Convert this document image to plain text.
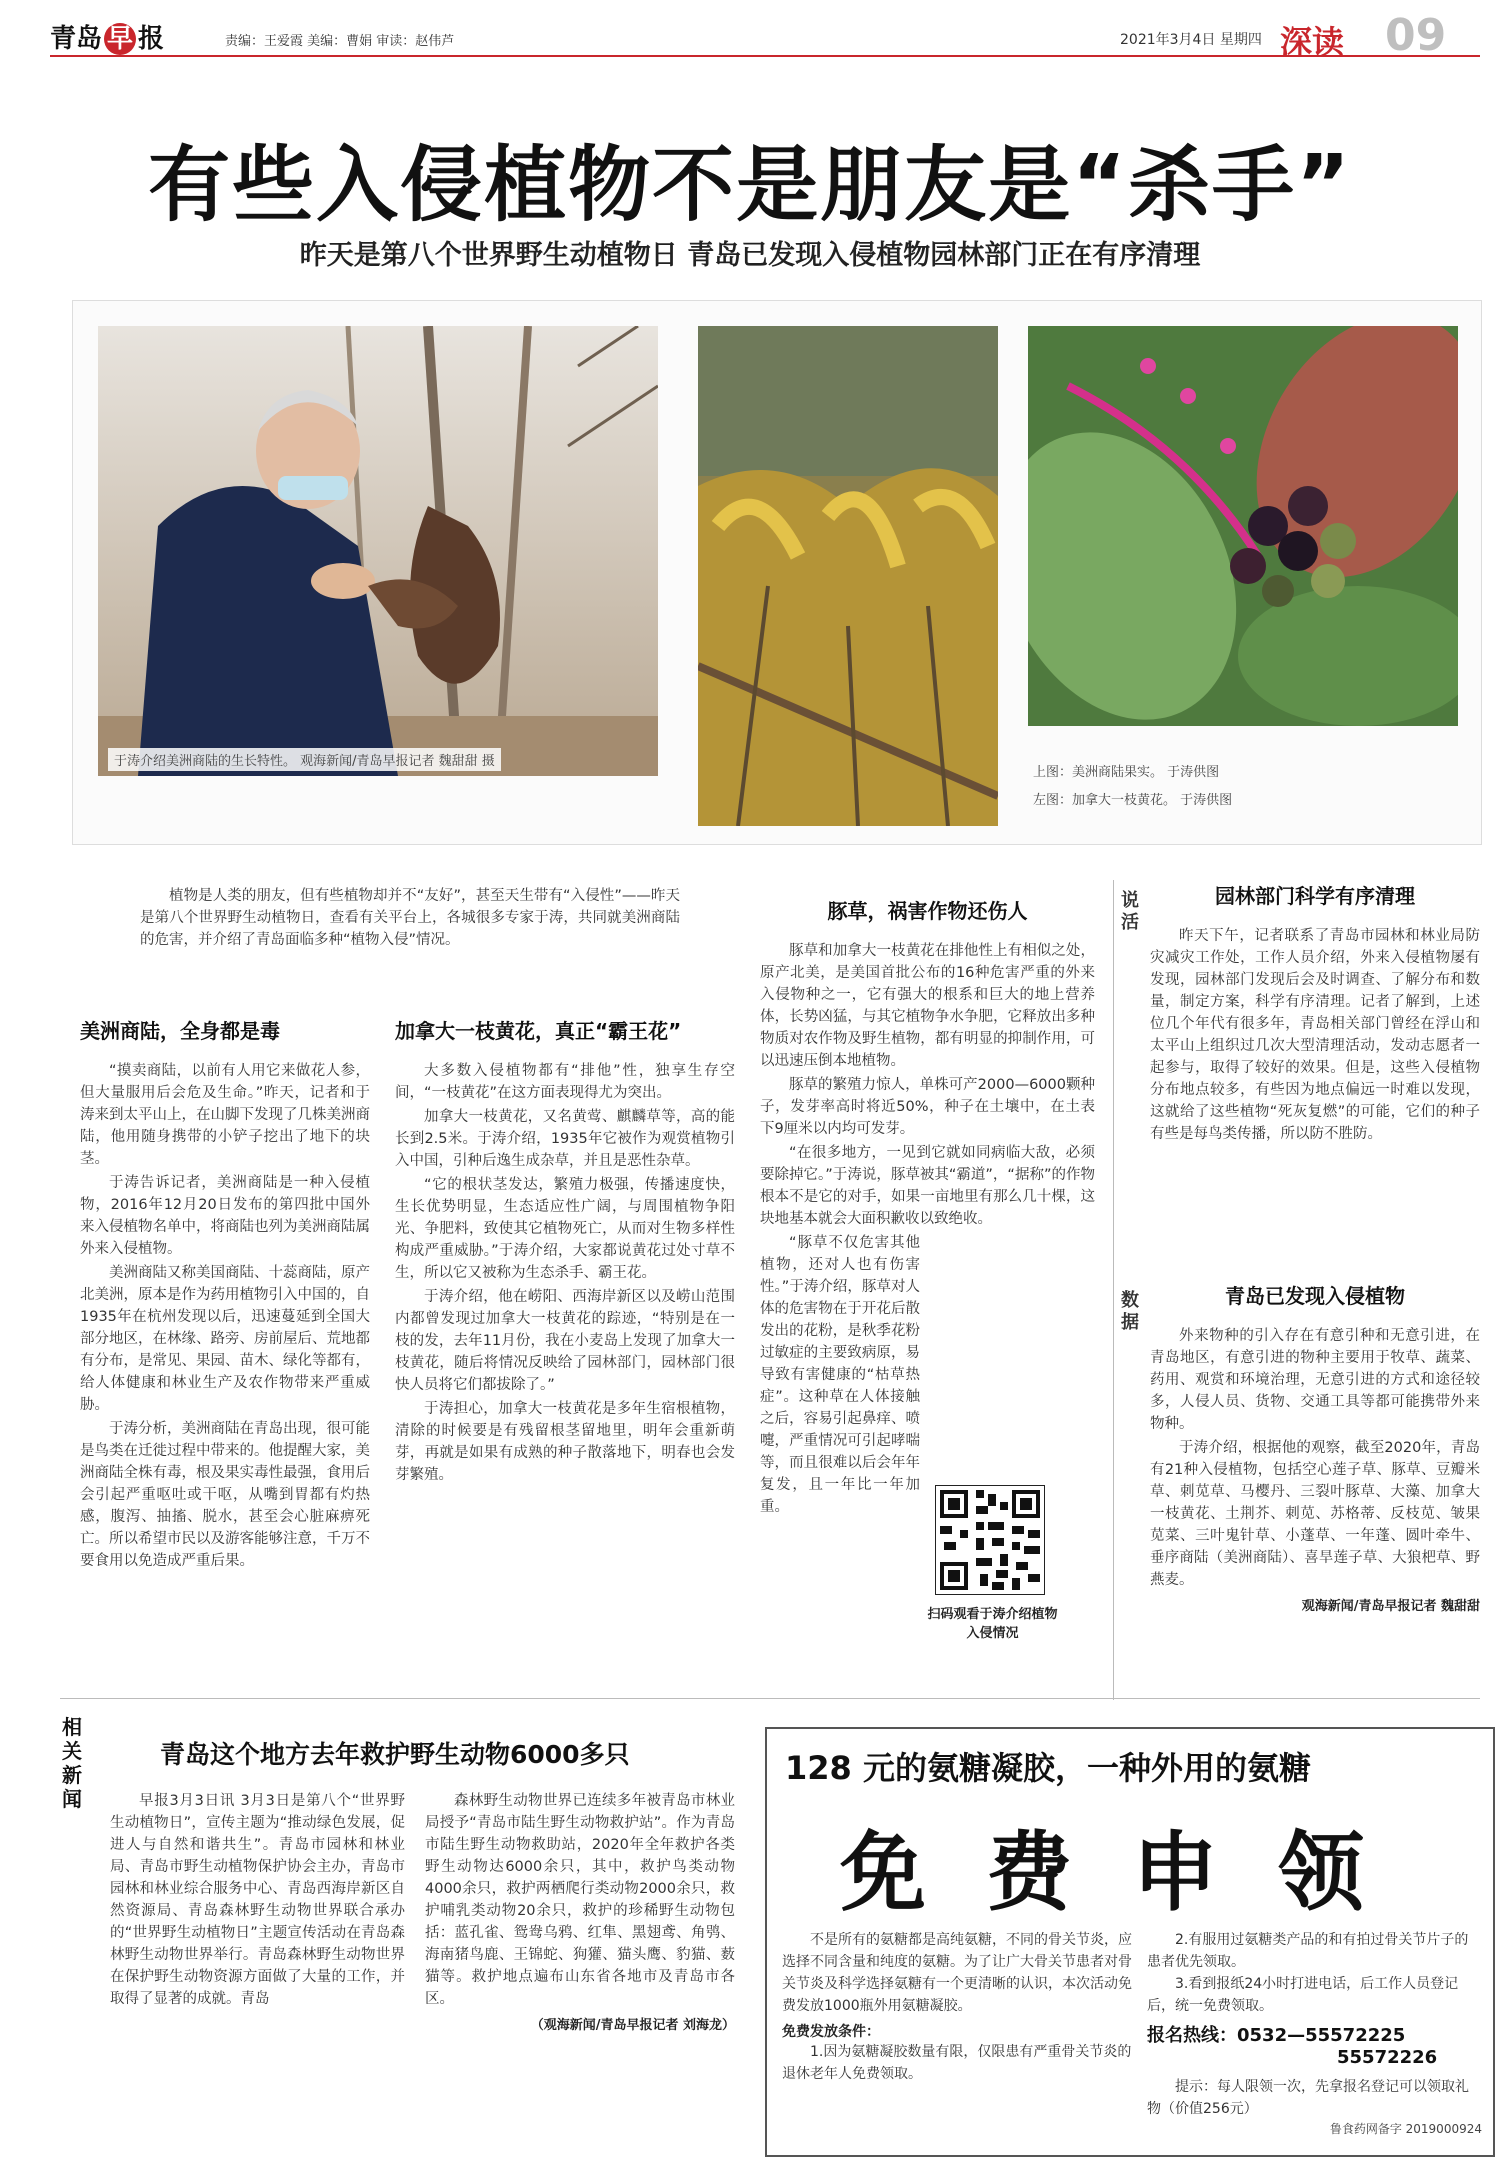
青岛 早 报	责编：王爱霞 美编：曹娟 审读：赵伟芦	2021年3月4日 星期四 深读 09
有些入侵植物不是朋友是“杀手”
昨天是第八个世界野生动植物日 青岛已发现入侵植物园林部门正在有序清理
于涛介绍美洲商陆的生长特性。 观海新闻/青岛早报记者 魏甜甜 摄
上图：美洲商陆果实。 于涛供图
左图：加拿大一枝黄花。 于涛供图

植物是人类的朋友，但有些植物却并不“友好”，甚至天生带有“入侵性”——昨天是第八个世界野生动植物日，查看有关平台上，各城很多专家于涛，共同就美洲商陆的危害，并介绍了青岛面临多种“植物入侵”情况。

美洲商陆，全身都是毒

“摸卖商陆，以前有人用它来做花人参，但大量服用后会危及生命。”昨天，记者和于涛来到太平山上，在山脚下发现了几株美洲商陆，他用随身携带的小铲子挖出了地下的块茎。

于涛告诉记者，美洲商陆是一种入侵植物，2016年12月20日发布的第四批中国外来入侵植物名单中，将商陆也列为美洲商陆属外来入侵植物。

美洲商陆又称美国商陆、十蕊商陆，原产北美洲，原本是作为药用植物引入中国的，自1935年在杭州发现以后，迅速蔓延到全国大部分地区，在林缘、路旁、房前屋后、荒地都有分布，是常见、果园、苗木、绿化等都有，给人体健康和林业生产及农作物带来严重威胁。

于涛分析，美洲商陆在青岛出现，很可能是鸟类在迁徙过程中带来的。他提醒大家，美洲商陆全株有毒，根及果实毒性最强，食用后会引起严重呕吐或干呕，从嘴到胃都有灼热感，腹泻、抽搐、脱水，甚至会心脏麻痹死亡。所以希望市民以及游客能够注意，千万不要食用以免造成严重后果。

加拿大一枝黄花，真正“霸王花”

大多数入侵植物都有“排他”性，独享生存空间，“一枝黄花”在这方面表现得尤为突出。

加拿大一枝黄花，又名黄莺、麒麟草等，高的能长到2.5米。于涛介绍，1935年它被作为观赏植物引入中国，引种后逸生成杂草，并且是恶性杂草。

“它的根状茎发达，繁殖力极强，传播速度快，生长优势明显，生态适应性广阔，与周围植物争阳光、争肥料，致使其它植物死亡，从而对生物多样性构成严重威胁。”于涛介绍，大家都说黄花过处寸草不生，所以它又被称为生态杀手、霸王花。

于涛介绍，他在崂阳、西海岸新区以及崂山范围内都曾发现过加拿大一枝黄花的踪迹，“特别是在一枝的发，去年11月份，我在小麦岛上发现了加拿大一枝黄花，随后将情况反映给了园林部门，园林部门很快人员将它们都拔除了。”

于涛担心，加拿大一枝黄花是多年生宿根植物，清除的时候要是有残留根茎留地里，明年会重新萌芽，再就是如果有成熟的种子散落地下，明春也会发芽繁殖。

豚草，祸害作物还伤人

豚草和加拿大一枝黄花在排他性上有相似之处，原产北美，是美国首批公布的16种危害严重的外来入侵物种之一，它有强大的根系和巨大的地上营养体，长势凶猛，与其它植物争水争肥，它释放出多种物质对农作物及野生植物，都有明显的抑制作用，可以迅速压倒本地植物。

豚草的繁殖力惊人，单株可产2000—6000颗种子，发芽率高时将近50%，种子在土壤中，在土表下9厘米以内均可发芽。

“在很多地方，一见到它就如同病临大敌，必须要除掉它。”于涛说，豚草被其“霸道”，“据称”的作物根本不是它的对手，如果一亩地里有那么几十棵，这块地基本就会大面积歉收以致绝收。

“豚草不仅危害其他植物，还对人也有伤害性。”于涛介绍，豚草对人体的危害物在于开花后散发出的花粉，是秋季花粉过敏症的主要致病原，易导致有害健康的“枯草热症”。这种草在人体接触之后，容易引起鼻痒、喷嚏，严重情况可引起哮喘等，而且很难以后会年年复发，且一年比一年加重。

扫码观看于涛介绍植物入侵情况
说活
数据
园林部门科学有序清理

昨天下午，记者联系了青岛市园林和林业局防灾减灾工作处，工作人员介绍，外来入侵植物屡有发现，园林部门发现后会及时调查、了解分布和数量，制定方案，科学有序清理。记者了解到，上述位几个年代有很多年，青岛相关部门曾经在浮山和太平山上组织过几次大型清理活动，发动志愿者一起参与，取得了较好的效果。但是，这些入侵植物分布地点较多，有些因为地点偏远一时难以发现，这就给了这些植物“死灰复燃”的可能，它们的种子有些是每鸟类传播，所以防不胜防。

青岛已发现入侵植物

外来物种的引入存在有意引种和无意引进，在青岛地区，有意引进的物种主要用于牧草、蔬菜、药用、观赏和环境治理，无意引进的方式和途径较多，人侵人员、货物、交通工具等都可能携带外来物种。

于涛介绍，根据他的观察，截至2020年，青岛有21种入侵植物，包括空心莲子草、豚草、豆瓣米草、刺苋草、马樱丹、三裂叶豚草、大藻、加拿大一枝黄花、土荆芥、刺苋、苏格蒂、反枝苋、皱果苋菜、三叶鬼针草、小蓬草、一年蓬、圆叶牵牛、垂序商陆（美洲商陆）、喜旱莲子草、大狼杷草、野燕麦。

观海新闻/青岛早报记者 魏甜甜
相关新闻
青岛这个地方去年救护野生动物6000多只

早报3月3日讯 3月3日是第八个“世界野生动植物日”，宣传主题为“推动绿色发展，促进人与自然和谐共生”。青岛市园林和林业局、青岛市野生动植物保护协会主办，青岛市园林和林业综合服务中心、青岛西海岸新区自然资源局、青岛森林野生动物世界联合承办的“世界野生动植物日”主题宣传活动在青岛森林野生动物世界举行。青岛森林野生动物世界在保护野生动物资源方面做了大量的工作，并取得了显著的成就。青岛

森林野生动物世界已连续多年被青岛市林业局授予“青岛市陆生野生动物救护站”。作为青岛市陆生野生动物救助站，2020年全年救护各类野生动物达6000余只，其中，救护鸟类动物4000余只，救护两栖爬行类动物2000余只，救护哺乳类动物20余只，救护的珍稀野生动物包括：蓝孔雀、鸳鸯乌鸦、红隼、黑翅鸢、角鸮、海南猪鸟鹿、王锦蛇、狗獾、猫头鹰、豹猫、薮猫等。救护地点遍布山东省各地市及青岛市各区。

（观海新闻/青岛早报记者 刘海龙）
128 元的氨糖凝胶，一种外用的氨糖
免费申领

不是所有的氨糖都是高纯氨糖，不同的骨关节炎，应选择不同含量和纯度的氨糖。为了让广大骨关节患者对骨关节炎及科学选择氨糖有一个更清晰的认识，本次活动免费发放1000瓶外用氨糖凝胶。

免费发放条件：

1.因为氨糖凝胶数量有限，仅限患有严重骨关节炎的退休老年人免费领取。

2.有服用过氨糖类产品的和有拍过骨关节片子的患者优先领取。

3.看到报纸24小时打进电话，后工作人员登记后，统一免费领取。

报名热线：0532—55572225
55572226

提示：每人限领一次，先拿报名登记可以领取礼物（价值256元）

鲁食药网备字 2019000924
